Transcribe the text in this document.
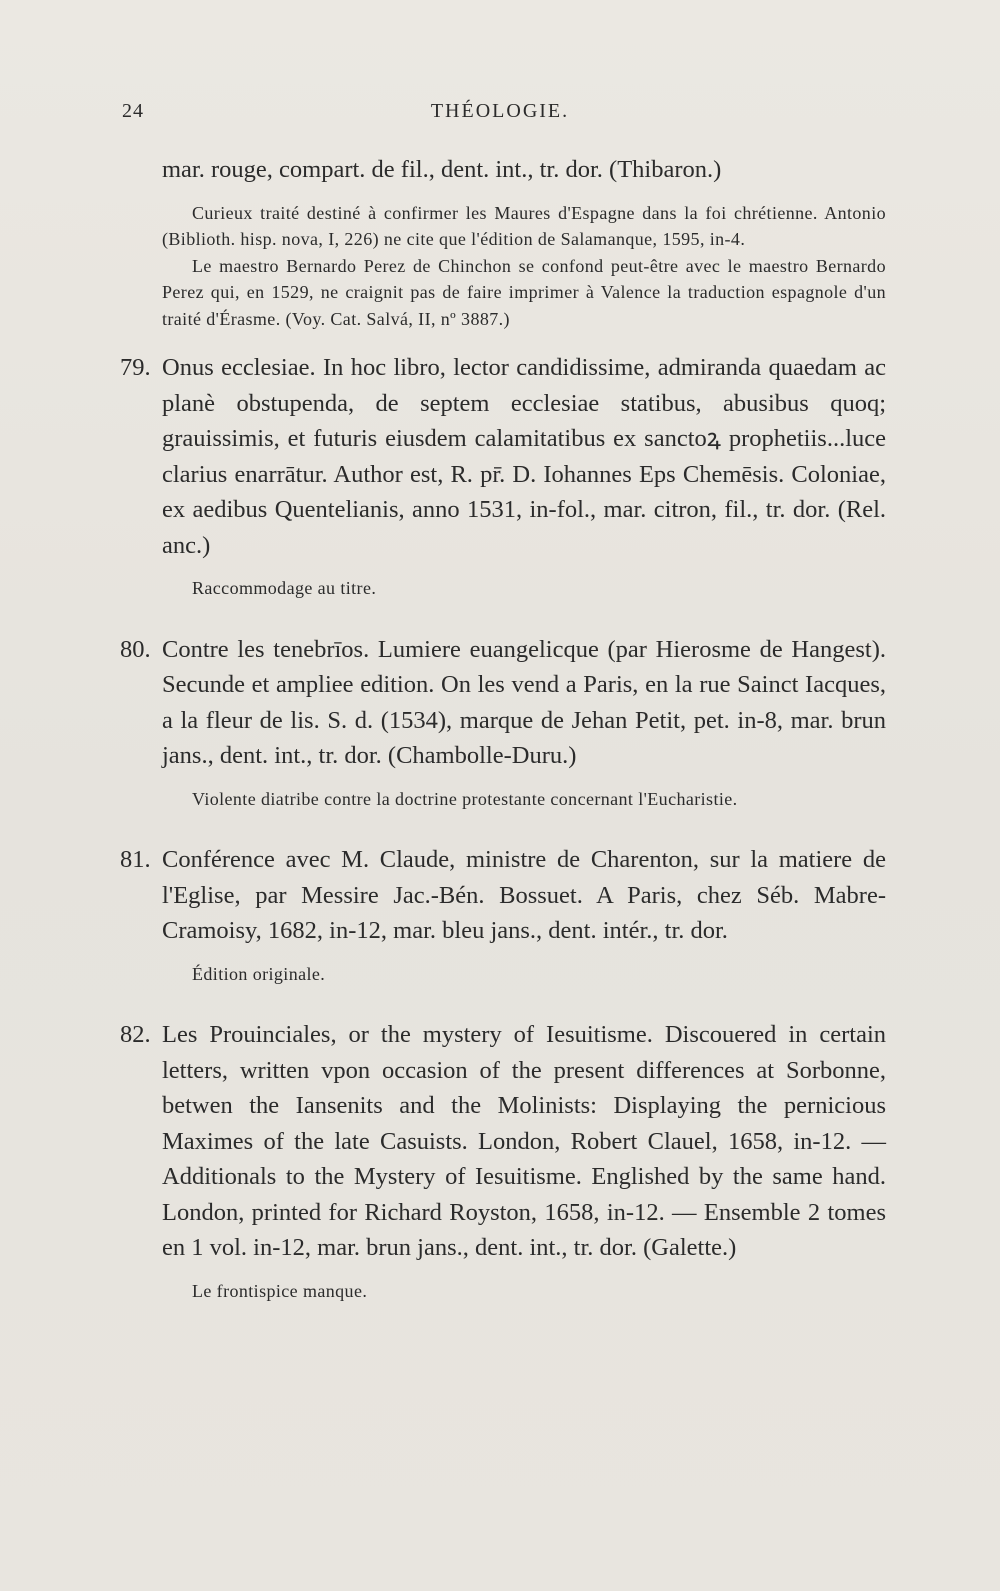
24	THÉOLOGIE.

mar. rouge, compart. de fil., dent. int., tr. dor. (Thibaron.)

Curieux traité destiné à confirmer les Maures d'Espagne dans la foi chrétienne. Antonio (Biblioth. hisp. nova, I, 226) ne cite que l'édition de Salamanque, 1595, in-4.

Le maestro Bernardo Perez de Chinchon se confond peut-être avec le maestro Bernardo Perez qui, en 1529, ne craignit pas de faire imprimer à Valence la traduction espagnole d'un traité d'Érasme. (Voy. Cat. Salvá, II, nº 3887.)

79. Onus ecclesiae. In hoc libro, lector candidissime, admiranda quaedam ac planè obstupenda, de septem ecclesiae statibus, abusibus quoq; grauissimis, et futuris eiusdem calamitatibus ex sanctoꝝ prophetiis...luce clarius enarrātur. Author est, R. pr̄. D. Iohannes Eps Chemēsis. Coloniae, ex aedibus Quentelianis, anno 1531, in-fol., mar. citron, fil., tr. dor. (Rel. anc.)

Raccommodage au titre.

80. Contre les tenebrīos. Lumiere euangelicque (par Hierosme de Hangest). Secunde et ampliee edition. On les vend a Paris, en la rue Sainct Iacques, a la fleur de lis. S. d. (1534), marque de Jehan Petit, pet. in-8, mar. brun jans., dent. int., tr. dor. (Chambolle-Duru.)

Violente diatribe contre la doctrine protestante concernant l'Eucharistie.

81. Conférence avec M. Claude, ministre de Charenton, sur la matiere de l'Eglise, par Messire Jac.-Bén. Bossuet. A Paris, chez Séb. Mabre-Cramoisy, 1682, in-12, mar. bleu jans., dent. intér., tr. dor.

Édition originale.

82. Les Prouinciales, or the mystery of Iesuitisme. Discouered in certain letters, written vpon occasion of the present differences at Sorbonne, betwen the Iansenits and the Molinists: Displaying the pernicious Maximes of the late Casuists. London, Robert Clauel, 1658, in-12. — Additionals to the Mystery of Iesuitisme. Englished by the same hand. London, printed for Richard Royston, 1658, in-12. — Ensemble 2 tomes en 1 vol. in-12, mar. brun jans., dent. int., tr. dor. (Galette.)

Le frontispice manque.
